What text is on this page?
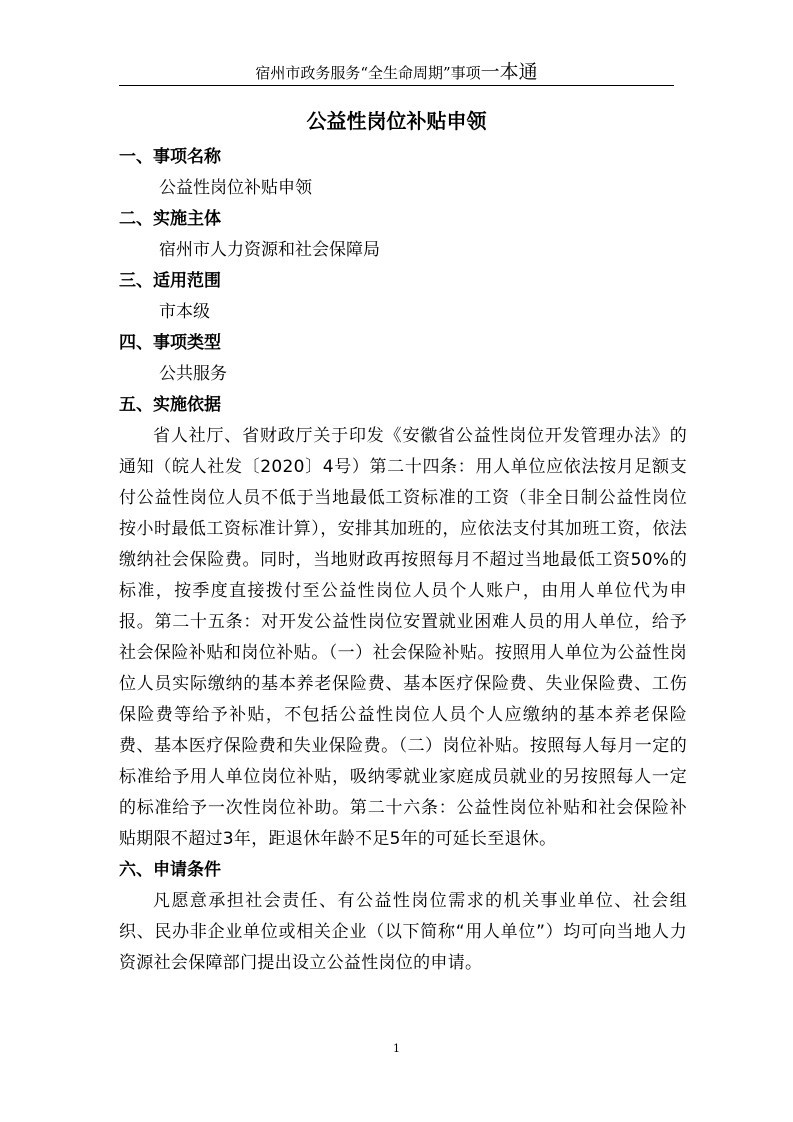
宿州市政务服务“全生命周期”事项一本通
公益性岗位补贴申领
一、事项名称
公益性岗位补贴申领
二、实施主体
宿州市人力资源和社会保障局
三、适用范围
市本级
四、事项类型
公共服务
五、实施依据

省人社厅、省财政厅关于印发《安徽省公益性岗位开发管理办法》的通知（皖人社发〔2020〕4号）第二十四条：用人单位应依法按月足额支付公益性岗位人员不低于当地最低工资标准的工资（非全日制公益性岗位按小时最低工资标准计算），安排其加班的，应依法支付其加班工资，依法缴纳社会保险费。同时，当地财政再按照每月不超过当地最低工资50%的标准，按季度直接拨付至公益性岗位人员个人账户，由用人单位代为申报。第二十五条：对开发公益性岗位安置就业困难人员的用人单位，给予社会保险补贴和岗位补贴。（一）社会保险补贴。按照用人单位为公益性岗位人员实际缴纳的基本养老保险费、基本医疗保险费、失业保险费、工伤保险费等给予补贴，不包括公益性岗位人员个人应缴纳的基本养老保险费、基本医疗保险费和失业保险费。（二）岗位补贴。按照每人每月一定的标准给予用人单位岗位补贴，吸纳零就业家庭成员就业的另按照每人一定的标准给予一次性岗位补助。第二十六条：公益性岗位补贴和社会保险补贴期限不超过3年，距退休年龄不足5年的可延长至退休。

六、申请条件

凡愿意承担社会责任、有公益性岗位需求的机关事业单位、社会组织、民办非企业单位或相关企业（以下简称“用人单位”）均可向当地人力资源社会保障部门提出设立公益性岗位的申请。

1
